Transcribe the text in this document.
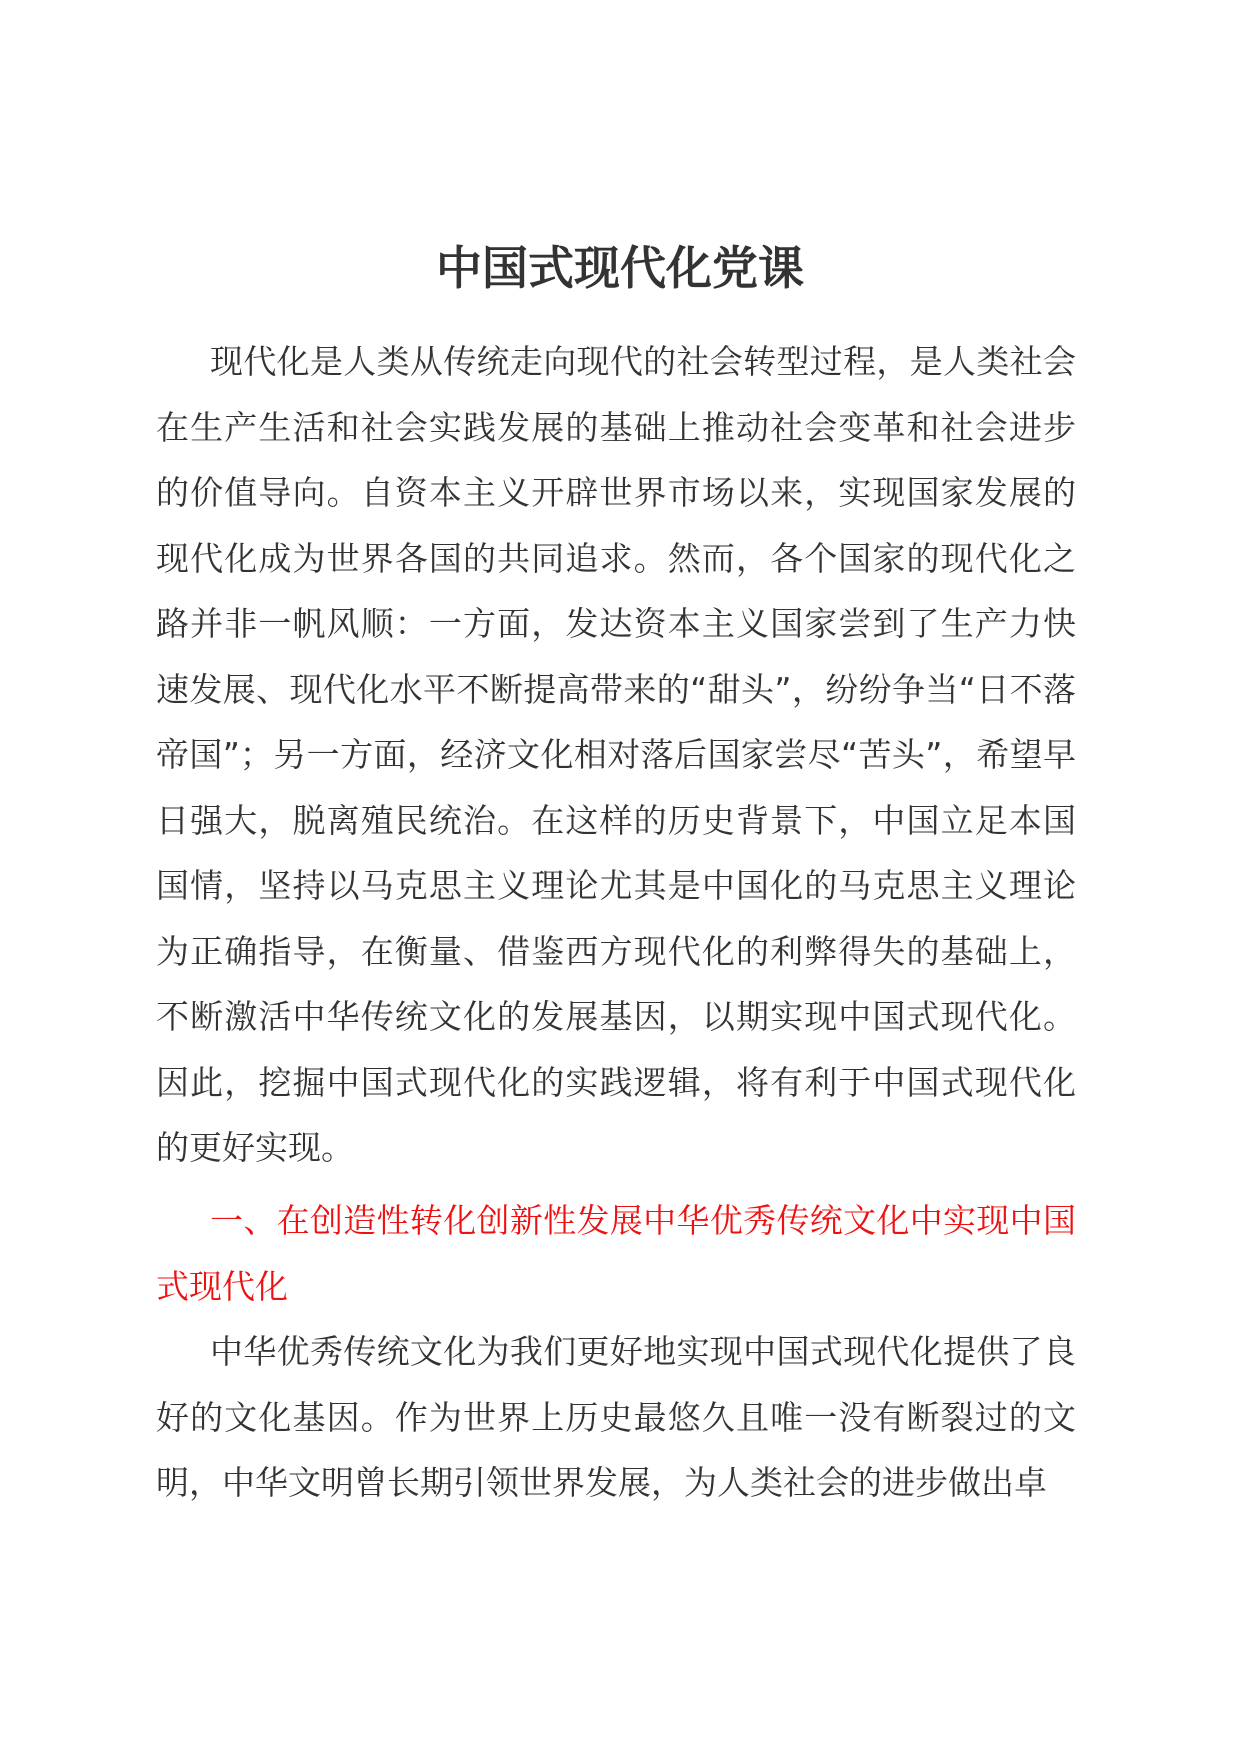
中国式现代化党课

现代化是人类从传统走向现代的社会转型过程，是人类社会在生产生活和社会实践发展的基础上推动社会变革和社会进步的价值导向。自资本主义开辟世界市场以来，实现国家发展的现代化成为世界各国的共同追求。然而，各个国家的现代化之路并非一帆风顺：一方面，发达资本主义国家尝到了生产力快速发展、现代化水平不断提高带来的“甜头”，纷纷争当“日不落帝国”；另一方面，经济文化相对落后国家尝尽“苦头”，希望早日强大，脱离殖民统治。在这样的历史背景下，中国立足本国国情，坚持以马克思主义理论尤其是中国化的马克思主义理论为正确指导，在衡量、借鉴西方现代化的利弊得失的基础上，不断激活中华传统文化的发展基因，以期实现中国式现代化。因此，挖掘中国式现代化的实践逻辑，将有利于中国式现代化的更好实现。

一、在创造性转化创新性发展中华优秀传统文化中实现中国式现代化

中华优秀传统文化为我们更好地实现中国式现代化提供了良好的文化基因。作为世界上历史最悠久且唯一没有断裂过的文明，中华文明曾长期引领世界发展，为人类社会的进步做出卓
